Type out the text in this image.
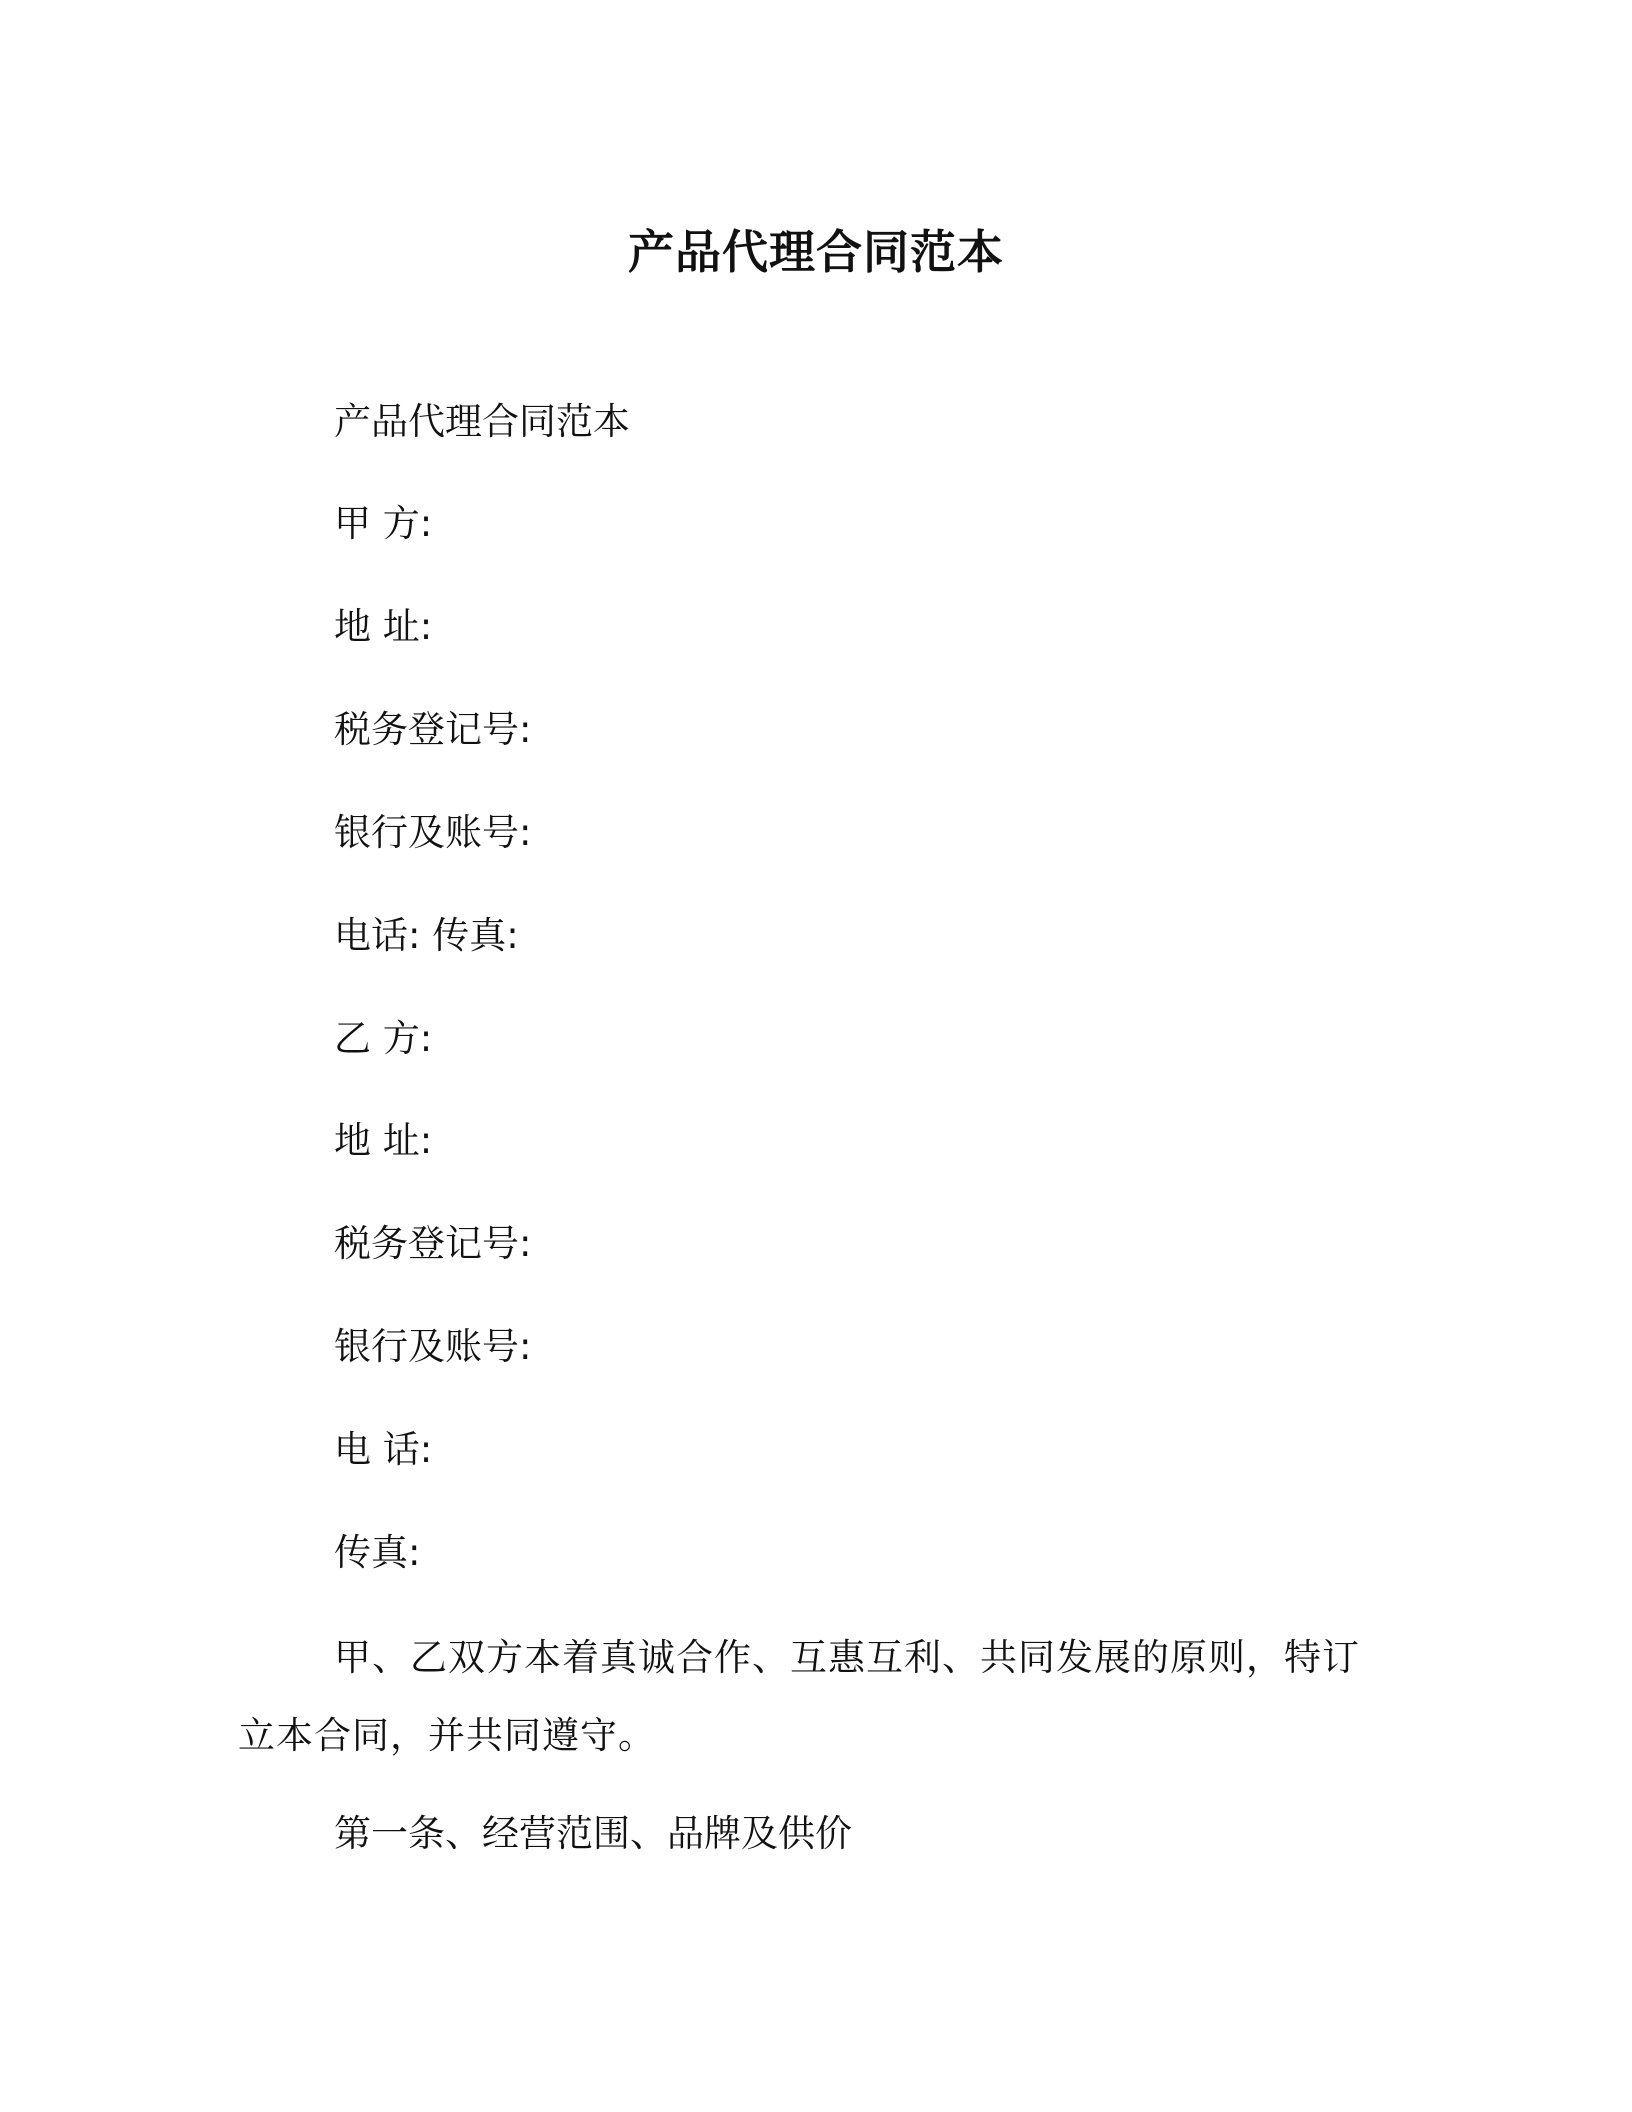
产品代理合同范本
产品代理合同范本
甲 方:
地 址:
税务登记号:
银行及账号:
电话: 传真:
乙 方:
地 址:
税务登记号:
银行及账号:
电 话:
传真:
甲、乙双方本着真诚合作、互惠互利、共同发展的原则，特订立本合同，并共同遵守。
第一条、经营范围、品牌及供价
